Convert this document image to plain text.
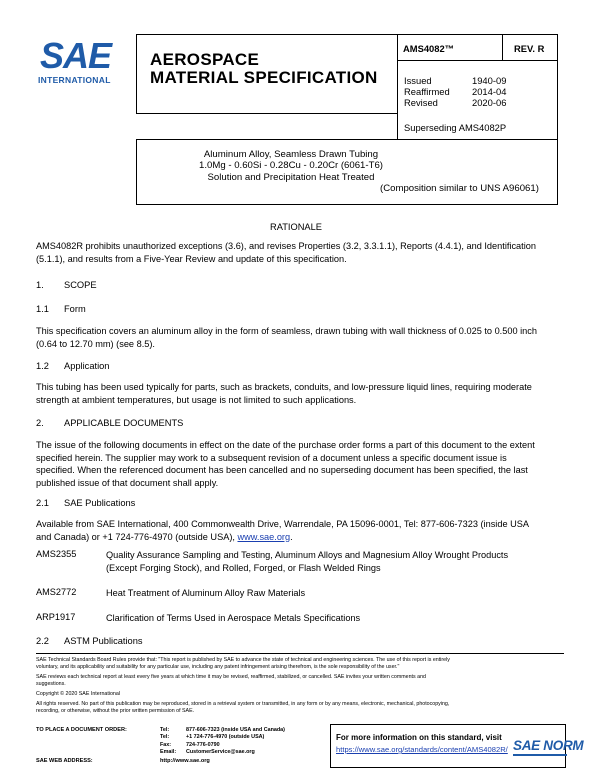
SAE
INTERNATIONAL
AEROSPACE
MATERIAL SPECIFICATION
AMS4082™	REV. R
Issued	1940-09
Reaffirmed 2014-04
Revised	2020-06
Superseding AMS4082P
Aluminum Alloy, Seamless Drawn Tubing
1.0Mg - 0.60Si - 0.28Cu - 0.20Cr (6061-T6)
Solution and Precipitation Heat Treated
(Composition similar to UNS A96061)
RATIONALE
AMS4082R prohibits unauthorized exceptions (3.6), and revises Properties (3.2, 3.3.1.1), Reports (4.4.1), and Identification
(5.1.1), and results from a Five-Year Review and update of this specification.
1. SCOPE
1.1 Form
This specification covers an aluminum alloy in the form of seamless, drawn tubing with wall thickness of 0.025 to 0.500 inch
(0.64 to 12.70 mm) (see 8.5).
1.2 Application
This tubing has been used typically for parts, such as brackets, conduits, and low-pressure liquid lines, requiring moderate
strength at ambient temperatures, but usage is not limited to such applications.
2. APPLICABLE DOCUMENTS
The issue of the following documents in effect on the date of the purchase order forms a part of this document to the extent
specified herein. The supplier may work to a subsequent revision of a document unless a specific document issue is
specified. When the referenced document has been cancelled and no superseding document has been specified, the last
published issue of that document shall apply.
2.1 SAE Publications
Available from SAE International, 400 Commonwealth Drive, Warrendale, PA 15096-0001, Tel: 877-606-7323 (inside USA
and Canada) or +1 724-776-4970 (outside USA), www.sae.org.
AMS2355	Quality Assurance Sampling and Testing, Aluminum Alloys and Magnesium Alloy Wrought Products
(Except Forging Stock), and Rolled, Forged, or Flash Welded Rings
AMS2772	Heat Treatment of Aluminum Alloy Raw Materials
ARP1917	Clarification of Terms Used in Aerospace Metals Specifications
2.2 ASTM Publications
SAE Technical Standards Board Rules provide that: "This report is published by SAE to advance the state of technical and engineering sciences. The use of this report is entirely
voluntary, and its applicability and suitability for any particular use, including any patent infringement arising therefrom, is the sole responsibility of the user."
SAE reviews each technical report at least every five years at which time it may be revised, reaffirmed, stabilized, or cancelled. SAE invites your written comments and
suggestions.
Copyright © 2020 SAE International
All rights reserved. No part of this publication may be reproduced, stored in a retrieval system or transmitted, in any form or by any means, electronic, mechanical, photocopying,
recording, or otherwise, without the prior written permission of SAE.
TO PLACE A DOCUMENT ORDER:	Tel:	877-606-7323 (inside USA and Canada)
Tel:	+1 724-776-4970 (outside USA)
Fax:	724-776-0790
Email: CustomerService@sae.org
SAE WEB ADDRESS:	http://www.sae.org
For more information on this standard, visit
https://www.sae.org/standards/content/AMS4082R/ SAE NORM
